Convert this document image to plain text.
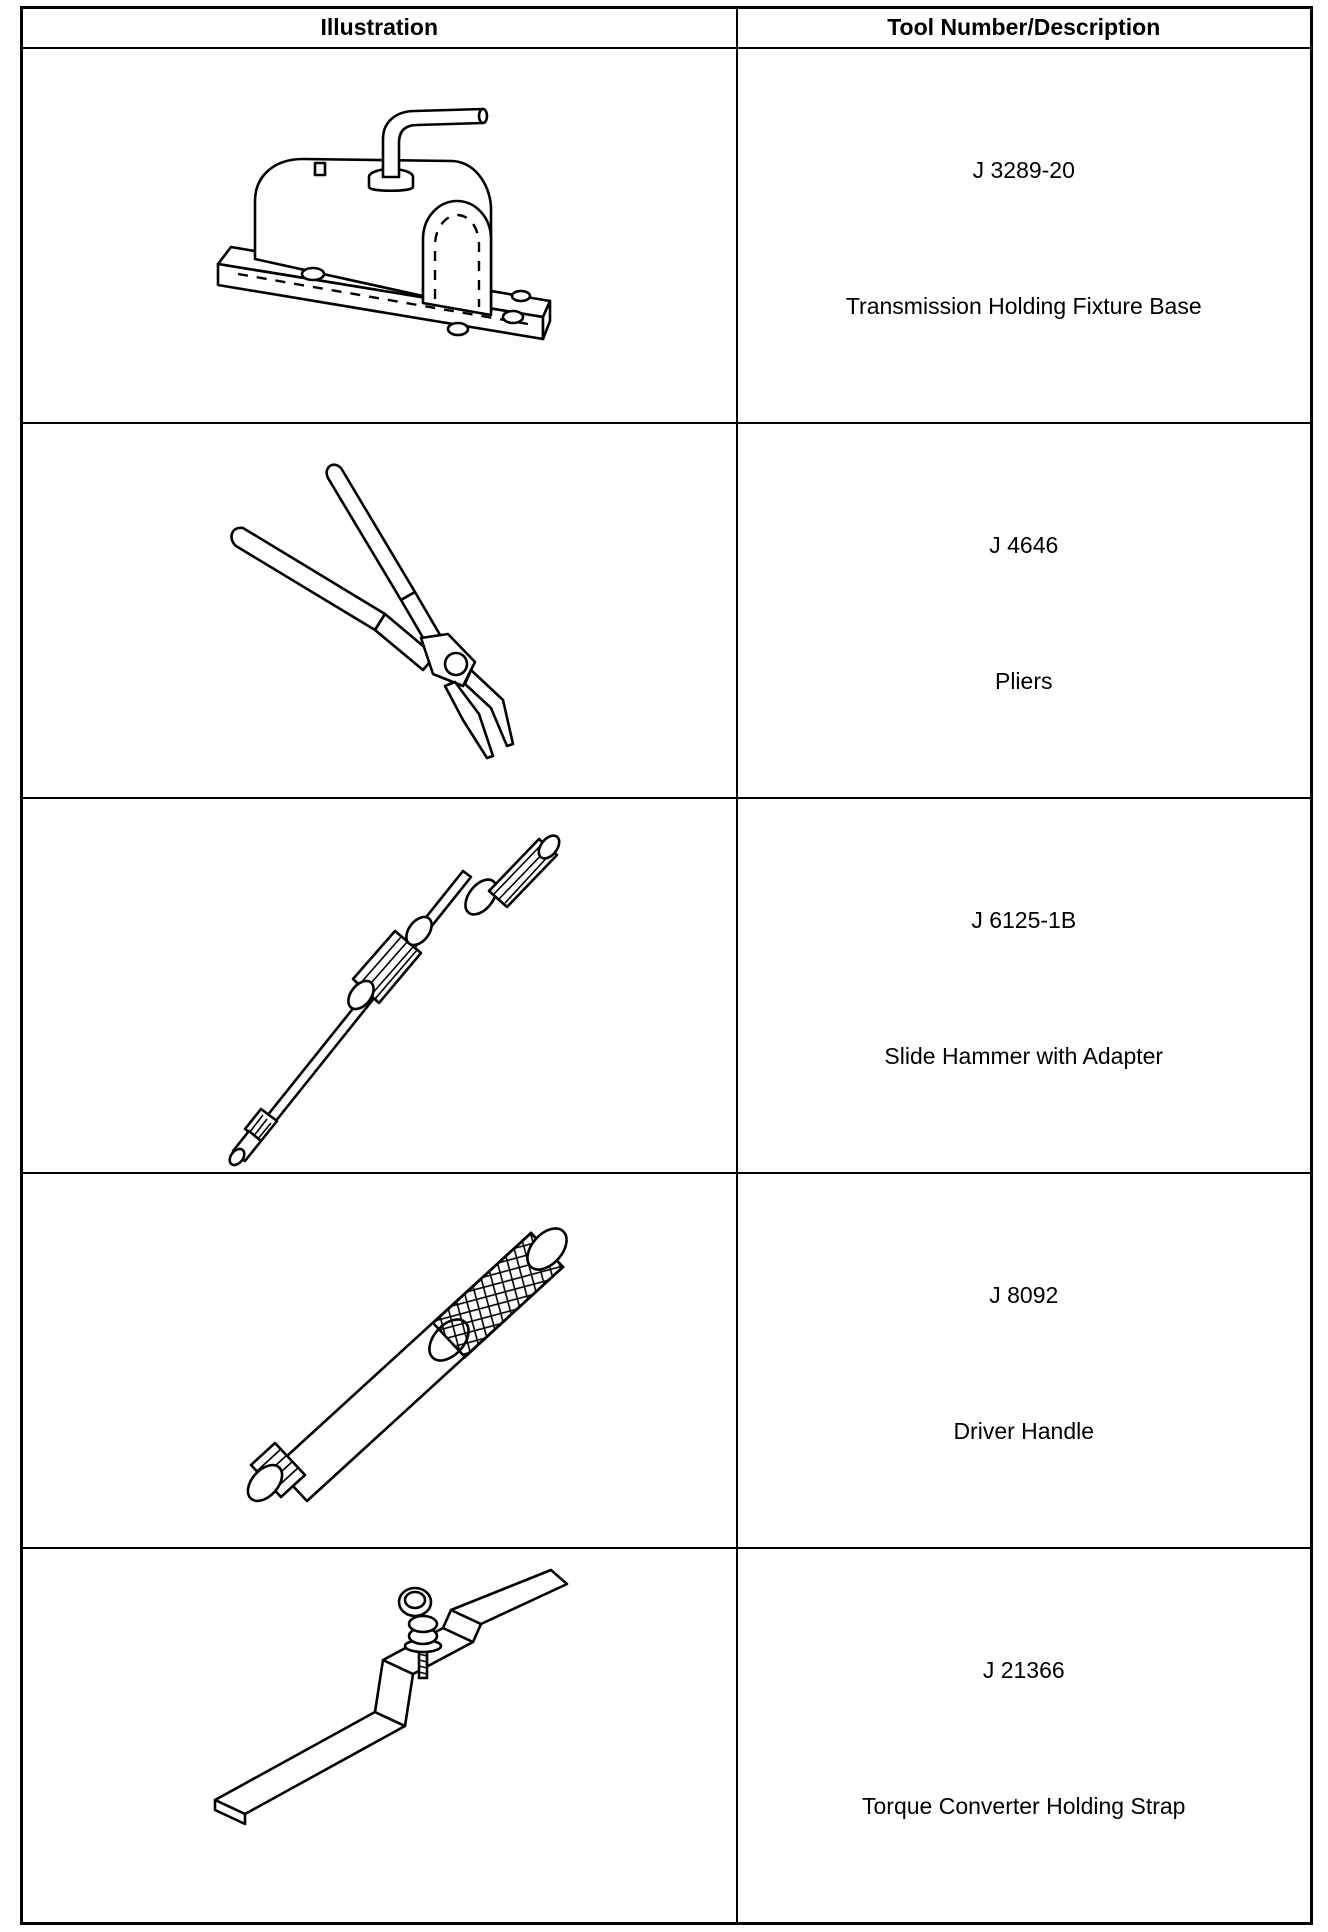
Illustration	Tool Number/Description

J 3289-20
Transmission Holding Fixture Base

J 4646
Pliers

J 6125-1B
Slide Hammer with Adapter

J 8092
Driver Handle

J 21366
Torque Converter Holding Strap
